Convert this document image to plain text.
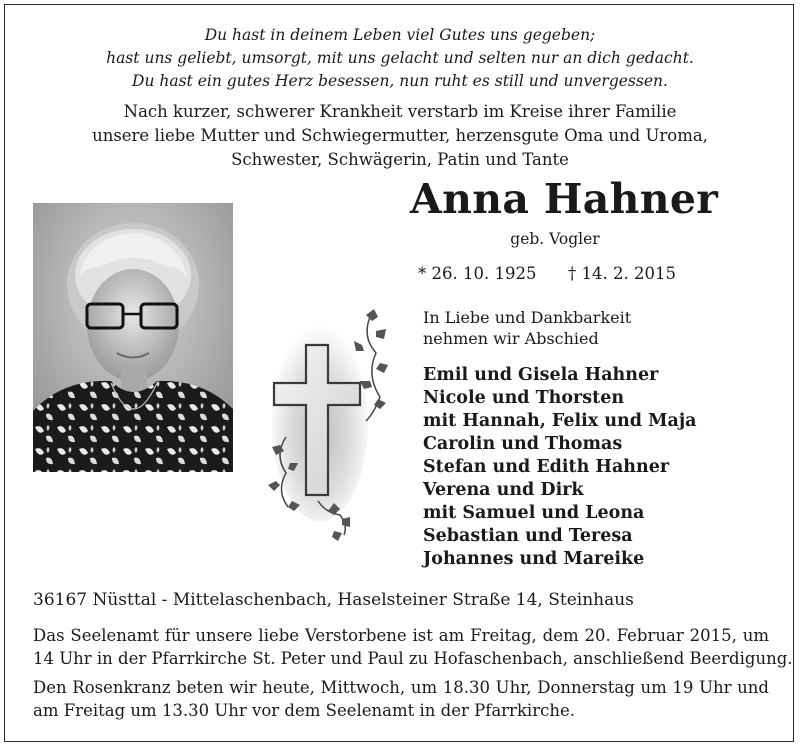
Du hast in deinem Leben viel Gutes uns gegeben;
hast uns geliebt, umsorgt, mit uns gelacht und selten nur an dich gedacht.
Du hast ein gutes Herz besessen, nun ruht es still und unvergessen.
Nach kurzer, schwerer Krankheit verstarb im Kreise ihrer Familie
unsere liebe Mutter und Schwiegermutter, herzensgute Oma und Uroma,
Schwester, Schwägerin, Patin und Tante
Anna Hahner
geb. Vogler
* 26. 10. 1925 † 14. 2. 2015
In Liebe und Dankbarkeit
nehmen wir Abschied
Emil und Gisela Hahner
Nicole und Thorsten
mit Hannah, Felix und Maja
Carolin und Thomas
Stefan und Edith Hahner
Verena und Dirk
mit Samuel und Leona
Sebastian und Teresa
Johannes und Mareike
36167 Nüsttal - Mittelaschenbach, Haselsteiner Straße 14, Steinhaus
Das Seelenamt für unsere liebe Verstorbene ist am Freitag, dem 20. Februar 2015, um
14 Uhr in der Pfarrkirche St. Peter und Paul zu Hofaschenbach, anschließend Beerdigung.
Den Rosenkranz beten wir heute, Mittwoch, um 18.30 Uhr, Donnerstag um 19 Uhr und
am Freitag um 13.30 Uhr vor dem Seelenamt in der Pfarrkirche.
